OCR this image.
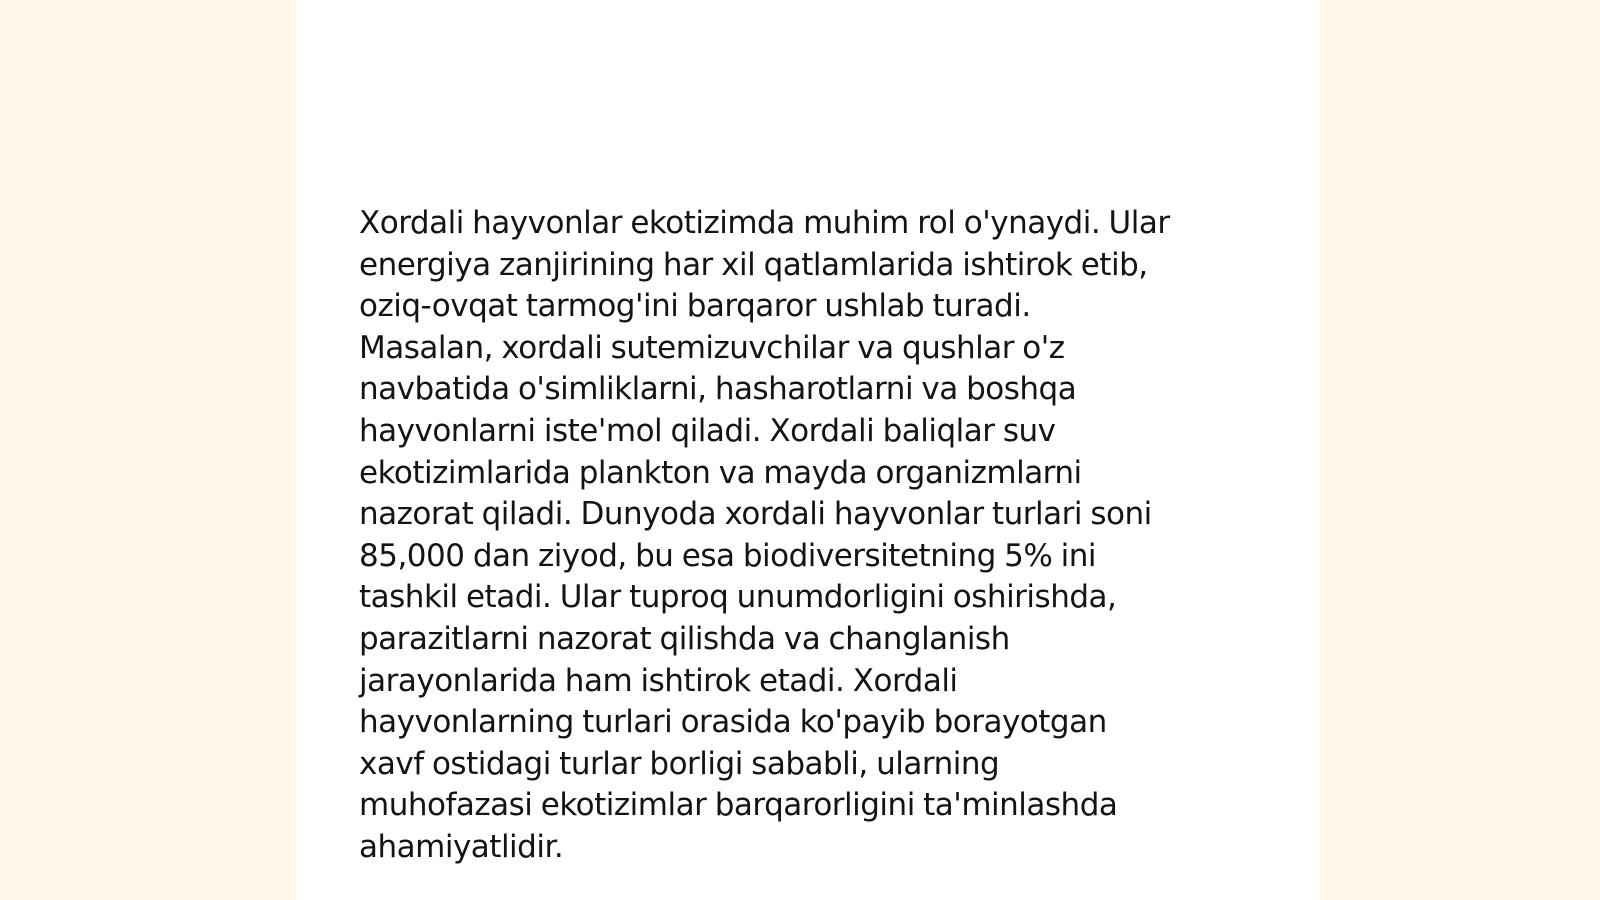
Xordali hayvonlar ekotizimda muhim rol o'ynaydi. Ular
energiya zanjirining har xil qatlamlarida ishtirok etib,
oziq-ovqat tarmog'ini barqaror ushlab turadi.
Masalan, xordali sutemizuvchilar va qushlar o'z
navbatida o'simliklarni, hasharotlarni va boshqa
hayvonlarni iste'mol qiladi. Xordali baliqlar suv
ekotizimlarida plankton va mayda organizmlarni
nazorat qiladi. Dunyoda xordali hayvonlar turlari soni
85,000 dan ziyod, bu esa biodiversitetning 5% ini
tashkil etadi. Ular tuproq unumdorligini oshirishda,
parazitlarni nazorat qilishda va changlanish
jarayonlarida ham ishtirok etadi. Xordali
hayvonlarning turlari orasida ko'payib borayotgan
xavf ostidagi turlar borligi sababli, ularning
muhofazasi ekotizimlar barqarorligini ta'minlashda
ahamiyatlidir.
